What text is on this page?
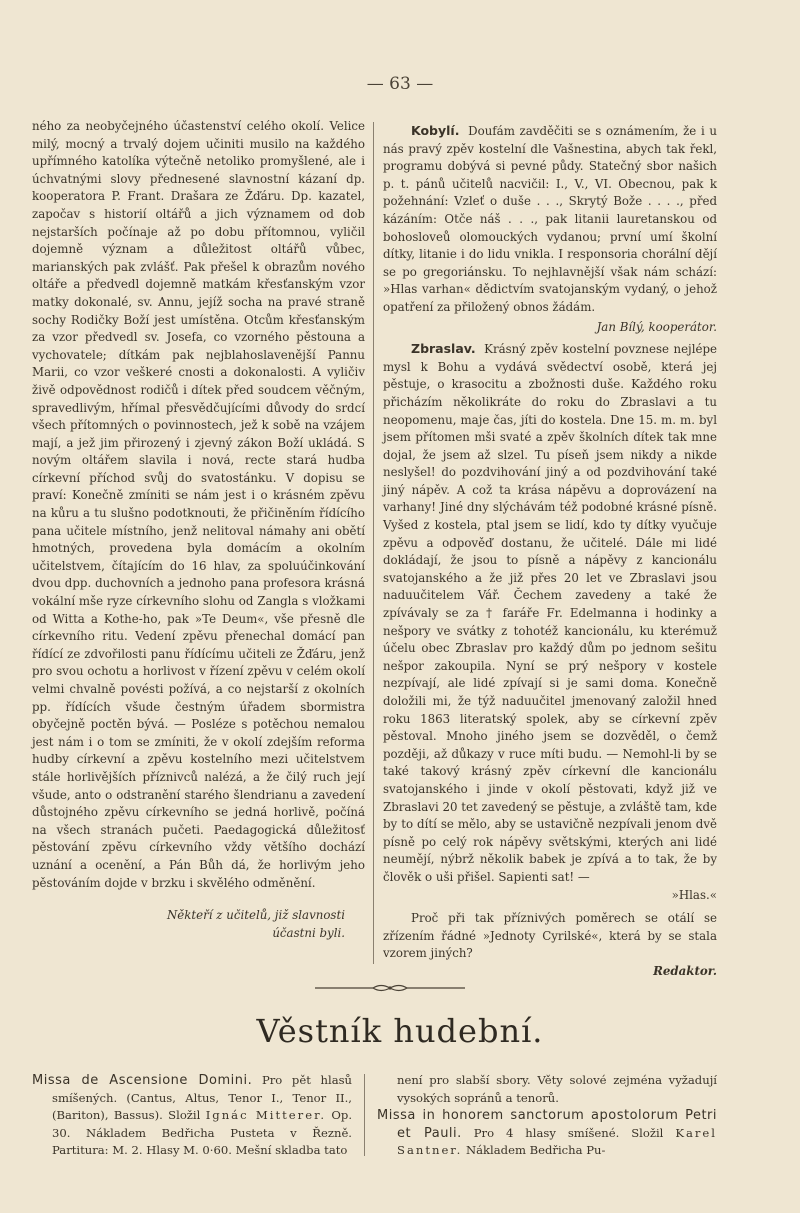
— 63 —

ného za neobyčejného účastenství celého okolí. Velice milý, mocný a trvalý dojem učiniti musilo na každého upřímného katolíka výtečně netoliko promyšlené, ale i úchvatnými slovy přednesené slavnostní kázaní dp. kooperatora P. Frant. Drašara ze Žďáru. Dp. kazatel, započav s historií oltářů a jich významem od dob nejstarších počínaje až po dobu přítomnou, vyličil dojemně význam a důležitost oltářů vůbec, marianských pak zvlášť. Pak přešel k obrazům nového oltáře a předvedl dojemně matkám křesťanským vzor matky dokonalé, sv. Annu, jejíž socha na pravé straně sochy Rodičky Boží jest umístěna. Otcům křesťanským za vzor předvedl sv. Josefa, co vzorného pěstouna a vychovatele; dítkám pak nejblahoslavenější Pannu Marii, co vzor veškeré cnosti a dokonalosti. A vyličiv živě odpovědnost rodičů i dítek před soudcem věčným, spravedlivým, hřímal přesvědčujícími důvody do srdcí všech přítomných o povinnostech, jež k sobě na vzájem mají, a jež jim přirozený i zjevný zákon Boží ukládá. S novým oltářem slavila i nová, recte stará hudba církevní příchod svůj do svatostánku. V dopisu se praví: Konečně zmíniti se nám jest i o krásném zpěvu na kůru a tu slušno podotknouti, že přičiněním řídícího pana učitele místního, jenž nelitoval námahy ani obětí hmotných, provedena byla domácím a okolním učitelstvem, čítajícím do 16 hlav, za spoluúčinkování dvou dpp. duchovních a jednoho pana profesora krásná vokální mše ryze církevního slohu od Zangla s vložkami od Witta a Kothe-ho, pak »Te Deum«, vše přesně dle církevního ritu. Vedení zpěvu přenechal domácí pan řídící ze zdvořilosti panu řídícímu učiteli ze Žďáru, jenž pro svou ochotu a horlivost v řízení zpěvu v celém okolí velmi chvalně povésti požívá, a co nejstarší z okolních pp. řídících všude čestným úřadem sbormistra obyčejně poctěn bývá. — Posléze s potěchou nemalou jest nám i o tom se zmíniti, že v okolí zdejším reforma hudby církevní a zpěvu kostelního mezi učitelstvem stále horlivějších příznivců nalézá, a že čilý ruch její všude, anto o odstranění starého šlendrianu a zavedení důstojného zpěvu církevního se jedná horlivě, počíná na všech stranách pučeti. Paedagogická důležitosť pěstování zpěvu církevního vždy většího dochází uznání a ocenění, a Pán Bůh dá, že horlivým jeho pěstováním dojde v brzku i skvělého odměnění.

Někteří z učitelů, již slavnosti
účastni byli.

Kobylí. Doufám zavděčiti se s oznámením, že i u nás pravý zpěv kostelní dle Vašnestina, abych tak řekl, programu dobývá si pevné půdy. Statečný sbor našich p. t. pánů učitelů nacvičil: I., V., VI. Obecnou, pak k požehnání: Vzleť o duše . . ., Skrytý Bože . . . ., před kázáním: Otče náš . . ., pak litanii lauretanskou od bohosloveů olomouckých vydanou; první umí školní dítky, litanie i do lidu vnikla. I responsoria chorální dějí se po gregoriánsku. To nejhlavnější však nám schází: »Hlas varhan« dědictvím svatojanským vydaný, o jehož opatření za přiložený obnos žádám.

Jan Bílý, kooperátor.

Zbraslav. Krásný zpěv kostelní povznese nejlépe mysl k Bohu a vydává svědectví osobě, která jej pěstuje, o krasocitu a zbožnosti duše. Každého roku přicházím několikráte do roku do Zbraslavi a tu neopomenu, maje čas, jíti do kostela. Dne 15. m. m. byl jsem přítomen mši svaté a zpěv školních dítek tak mne dojal, že jsem až slzel. Tu píseň jsem nikdy a nikde neslyšel! do pozdvihování jiný a od pozdvihování také jiný nápěv. A což ta krása nápěvu a doprovázení na varhany! Jiné dny slýchávám též podobné krásné písně. Vyšed z kostela, ptal jsem se lidí, kdo ty dítky vyučuje zpěvu a odpověď dostanu, že učitelé. Dále mi lidé dokládají, že jsou to písně a nápěvy z kancionálu svatojanského a že již přes 20 let ve Zbraslavi jsou naduučitelem Vář. Čechem zavedeny a také že zpívávaly se za † faráře Fr. Edelmanna i hodinky a nešpory ve svátky z tohotéž kancionálu, ku kterémuž účelu obec Zbraslav pro každý dům po jednom sešitu nešpor zakoupila. Nyní se prý nešpory v kostele nezpívají, ale lidé zpívají si je sami doma. Konečně doložili mi, že týž naduučitel jmenovaný založil hned roku 1863 literatský spolek, aby se církevní zpěv pěstoval. Mnoho jiného jsem se dozvěděl, o čemž později, až důkazy v ruce míti budu. — Nemohl-li by se také takový krásný zpěv církevní dle kancionálu svatojanského i jinde v okolí pěstovati, když již ve Zbraslavi 20 tet zavedený se pěstuje, a zvláště tam, kde by to dítí se mělo, aby se ustavičně nezpívali jenom dvě písně po celý rok nápěvy světskými, kterých ani lidé neumějí, nýbrž několik babek je zpívá a to tak, že by člověk o uši přišel. Sapienti sat! —

»Hlas.«

Proč při tak příznivých poměrech se otálí se zřízením řádné »Jednoty Cyrilské«, která by se stala vzorem jiných?

Redaktor.
Věstník hudební.

Missa de Ascensione Domini. Pro pět hlasů smíšených. (Cantus, Altus, Tenor I., Tenor II., (Bariton), Bassus). Složil Ignác Mitterer. Op. 30. Nákladem Bedřicha Pusteta v Řezně. Partitura: M. 2. Hlasy M. 0·60. Mešní skladba tato

není pro slabší sbory. Věty solové zejména vyžadují vysokých sopránů a tenorů.

Missa in honorem sanctorum apostolorum Petri et Pauli. Pro 4 hlasy smíšené. Složil Karel Santner. Nákladem Bedřicha Pu-
